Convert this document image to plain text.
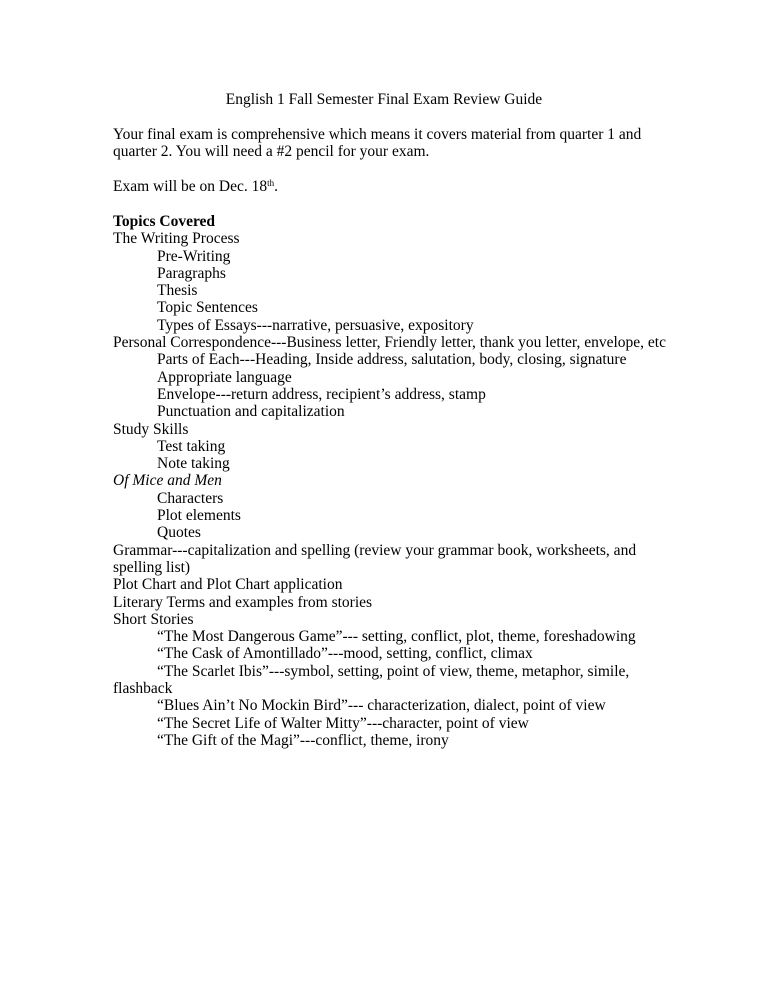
English 1 Fall Semester Final Exam Review Guide
Your final exam is comprehensive which means it covers material from quarter 1 and
quarter 2. You will need a #2 pencil for your exam.
Exam will be on Dec. 18th.
Topics Covered
The Writing Process
Pre-Writing
Paragraphs
Thesis
Topic Sentences
Types of Essays---narrative, persuasive, expository
Personal Correspondence---Business letter, Friendly letter, thank you letter, envelope, etc
Parts of Each---Heading, Inside address, salutation, body, closing, signature
Appropriate language
Envelope---return address, recipient’s address, stamp
Punctuation and capitalization
Study Skills
Test taking
Note taking
Of Mice and Men
Characters
Plot elements
Quotes
Grammar---capitalization and spelling (review your grammar book, worksheets, and
spelling list)
Plot Chart and Plot Chart application
Literary Terms and examples from stories
Short Stories
“The Most Dangerous Game”--- setting, conflict, plot, theme, foreshadowing
“The Cask of Amontillado”---mood, setting, conflict, climax
“The Scarlet Ibis”---symbol, setting, point of view, theme, metaphor, simile,
flashback
“Blues Ain’t No Mockin Bird”--- characterization, dialect, point of view
“The Secret Life of Walter Mitty”---character, point of view
“The Gift of the Magi”---conflict, theme, irony
